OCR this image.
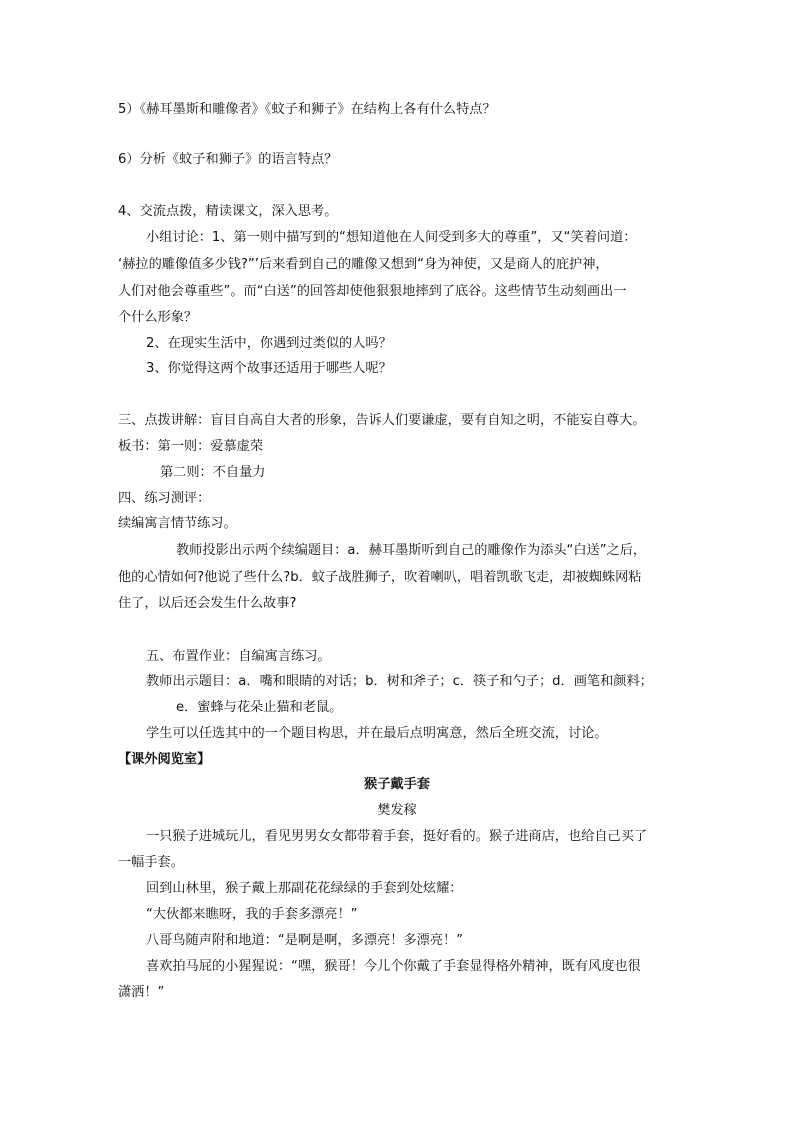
5）《赫耳墨斯和雕像者》《蚊子和狮子》在结构上各有什么特点？
6）分析《蚊子和狮子》的语言特点？
4、交流点拨，精读课文，深入思考。
小组讨论：1、第一则中描写到的“想知道他在人间受到多大的尊重”，又“笑着问道：
‘赫拉的雕像值多少钱?”’后来看到自己的雕像又想到“身为神使，又是商人的庇护神，
人们对他会尊重些”。而“白送”的回答却使他狠狠地摔到了底谷。这些情节生动刻画出一
个什么形象？
2、在现实生活中，你遇到过类似的人吗？
3、你觉得这两个故事还适用于哪些人呢？
三、点拨讲解：盲目自高自大者的形象，告诉人们要谦虚，要有自知之明，不能妄自尊大。
板书：第一则：爱慕虚荣
第二则：不自量力
四、练习测评：
续编寓言情节练习。
教师投影出示两个续编题目：a．赫耳墨斯听到自己的雕像作为添头“白送”之后，
他的心情如何?他说了些什么?b．蚊子战胜狮子，吹着喇叭，唱着凯歌飞走，却被蜘蛛网粘
住了，以后还会发生什么故事?
五、布置作业：自编寓言练习。
教师出示题目：a．嘴和眼睛的对话；b．树和斧子；c．筷子和勺子；d．画笔和颜料；
e．蜜蜂与花朵止猫和老鼠。
学生可以任选其中的一个题目构思，并在最后点明寓意，然后全班交流，讨论。
【课外阅览室】
猴子戴手套
樊发稼
一只猴子进城玩儿，看见男男女女都带着手套，挺好看的。猴子进商店，也给自己买了
一幅手套。
回到山林里，猴子戴上那副花花绿绿的手套到处炫耀：
“大伙都来瞧呀，我的手套多漂亮！”
八哥鸟随声附和地道：“是啊是啊，多漂亮！多漂亮！”
喜欢拍马屁的小猩猩说：“嘿，猴哥！今儿个你戴了手套显得格外精神，既有风度也很
潇洒！”
